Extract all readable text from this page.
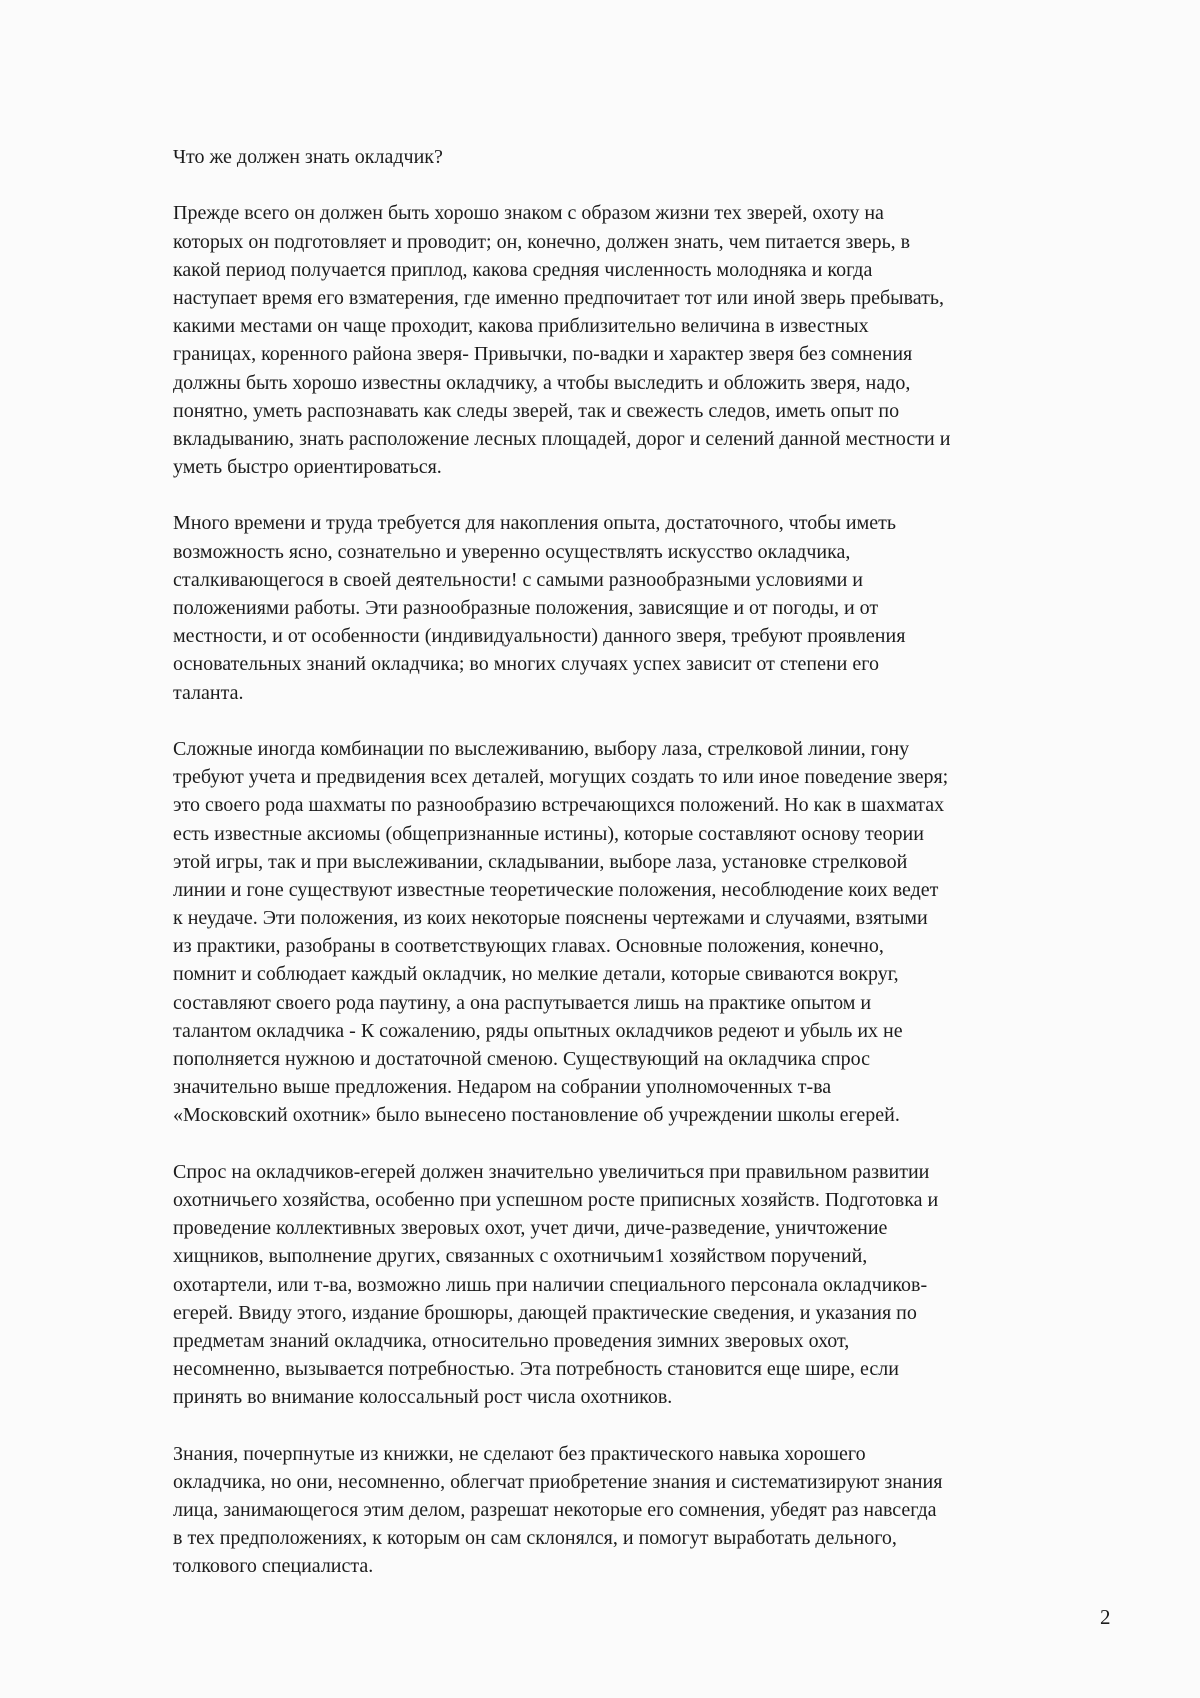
Что же должен знать окладчик?

Прежде всего он должен быть хорошо знаком с образом жизни тех зверей, охоту на
которых он подготовляет и проводит; он, конечно, должен знать, чем питается зверь, в
какой период получается приплод, какова средняя численность молодняка и когда
наступает время его взматерения, где именно предпочитает тот или иной зверь пребывать,
какими местами он чаще проходит, какова приблизительно величина в известных
границах, коренного района зверя- Привычки, по-вадки и характер зверя без сомнения
должны быть хорошо известны окладчику, а чтобы выследить и обложить зверя, надо,
понятно, уметь распознавать как следы зверей, так и свежесть следов, иметь опыт по
вкладыванию, знать расположение лесных площадей, дорог и селений данной местности и
уметь быстро ориентироваться.

Много времени и труда требуется для накопления опыта, достаточного, чтобы иметь
возможность ясно, сознательно и уверенно осуществлять искусство окладчика,
сталкивающегося в своей деятельности! с самыми разнообразными условиями и
положениями работы. Эти разнообразные положения, зависящие и от погоды, и от
местности, и от особенности (индивидуальности) данного зверя, требуют проявления
основательных знаний окладчика; во многих случаях успех зависит от степени его
таланта.

Сложные иногда комбинации по выслеживанию, выбору лаза, стрелковой линии, гону
требуют учета и предвидения всех деталей, могущих создать то или иное поведение зверя;
это своего рода шахматы по разнообразию встречающихся положений. Но как в шахматах
есть известные аксиомы (общепризнанные истины), которые составляют основу теории
этой игры, так и при выслеживании, складывании, выборе лаза, установке стрелковой
линии и гоне существуют известные теоретические положения, несоблюдение коих ведет
к неудаче. Эти положения, из коих некоторые пояснены чертежами и случаями, взятыми
из практики, разобраны в соответствующих главах. Основные положения, конечно,
помнит и соблюдает каждый окладчик, но мелкие детали, которые свиваются вокруг,
составляют своего рода паутину, а она распутывается лишь на практике опытом и
талантом окладчика - К сожалению, ряды опытных окладчиков редеют и убыль их не
пополняется нужною и достаточной сменою. Существующий на окладчика спрос
значительно выше предложения. Недаром на собрании уполномоченных т-ва
«Московский охотник» было вынесено постановление об учреждении школы егерей.

Спрос на окладчиков-егерей должен значительно увеличиться при правильном развитии
охотничьего хозяйства, особенно при успешном росте приписных хозяйств. Подготовка и
проведение коллективных зверовых охот, учет дичи, диче-разведение, уничтожение
хищников, выполнение других, связанных с охотничьим1 хозяйством поручений,
охотартели, или т-ва, возможно лишь при наличии специального персонала окладчиков-
егерей. Ввиду этого, издание брошюры, дающей практические сведения, и указания по
предметам знаний окладчика, относительно проведения зимних зверовых охот,
несомненно, вызывается потребностью. Эта потребность становится еще шире, если
принять во внимание колоссальный рост числа охотников.

Знания, почерпнутые из книжки, не сделают без практического навыка хорошего
окладчика, но они, несомненно, облегчат приобретение знания и систематизируют знания
лица, занимающегося этим делом, разрешат некоторые его сомнения, убедят раз навсегда
в тех предположениях, к которым он сам склонялся, и помогут выработать дельного,
толкового специалиста.

2
